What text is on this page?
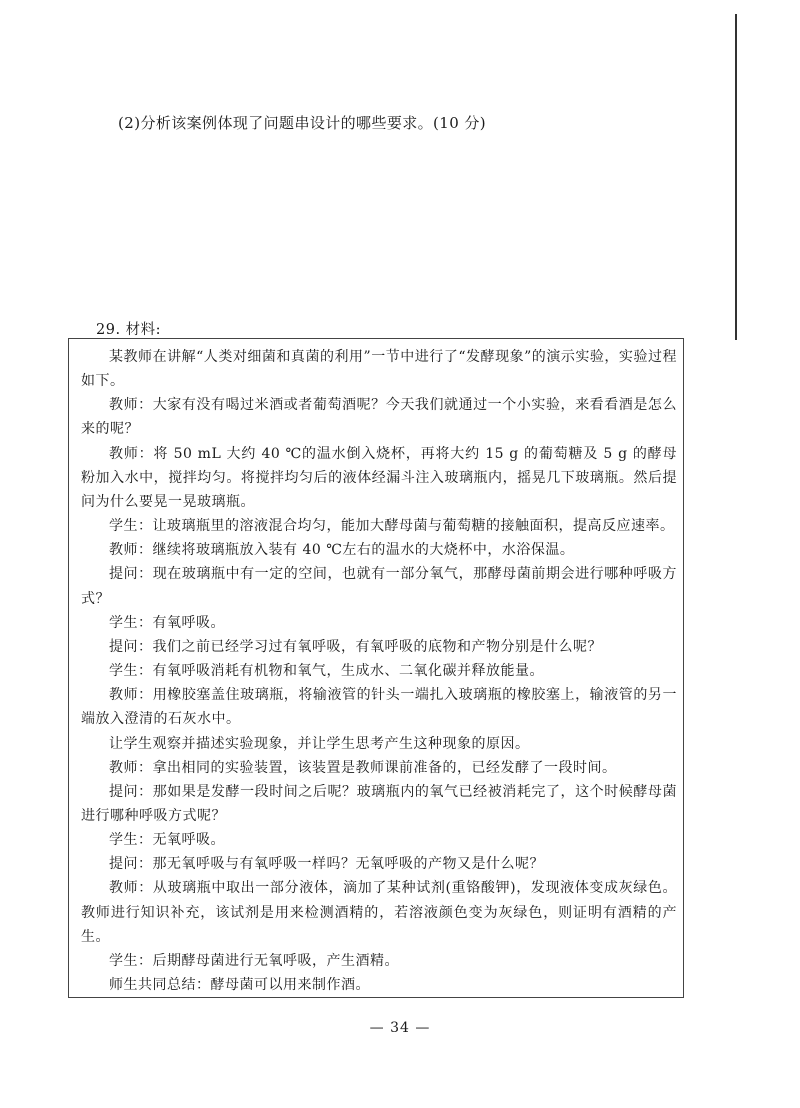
(2)分析该案例体现了问题串设计的哪些要求。(10 分)
29. 材料:

某教师在讲解“人类对细菌和真菌的利用”一节中进行了“发酵现象”的演示实验，实验过程如下。

教师：大家有没有喝过米酒或者葡萄酒呢？今天我们就通过一个小实验，来看看酒是怎么来的呢？

教师：将 50 mL 大约 40 ℃的温水倒入烧杯，再将大约 15 g 的葡萄糖及 5 g 的酵母粉加入水中，搅拌均匀。将搅拌均匀后的液体经漏斗注入玻璃瓶内，摇晃几下玻璃瓶。然后提问为什么要晃一晃玻璃瓶。

学生：让玻璃瓶里的溶液混合均匀，能加大酵母菌与葡萄糖的接触面积，提高反应速率。

教师：继续将玻璃瓶放入装有 40 ℃左右的温水的大烧杯中，水浴保温。

提问：现在玻璃瓶中有一定的空间，也就有一部分氧气，那酵母菌前期会进行哪种呼吸方式？

学生：有氧呼吸。

提问：我们之前已经学习过有氧呼吸，有氧呼吸的底物和产物分别是什么呢？

学生：有氧呼吸消耗有机物和氧气，生成水、二氧化碳并释放能量。

教师：用橡胶塞盖住玻璃瓶，将输液管的针头一端扎入玻璃瓶的橡胶塞上，输液管的另一端放入澄清的石灰水中。

让学生观察并描述实验现象，并让学生思考产生这种现象的原因。

教师：拿出相同的实验装置，该装置是教师课前准备的，已经发酵了一段时间。

提问：那如果是发酵一段时间之后呢？玻璃瓶内的氧气已经被消耗完了，这个时候酵母菌进行哪种呼吸方式呢？

学生：无氧呼吸。

提问：那无氧呼吸与有氧呼吸一样吗？无氧呼吸的产物又是什么呢？

教师：从玻璃瓶中取出一部分液体，滴加了某种试剂(重铬酸钾)，发现液体变成灰绿色。教师进行知识补充，该试剂是用来检测酒精的，若溶液颜色变为灰绿色，则证明有酒精的产生。

学生：后期酵母菌进行无氧呼吸，产生酒精。

师生共同总结：酵母菌可以用来制作酒。

— 34 —
